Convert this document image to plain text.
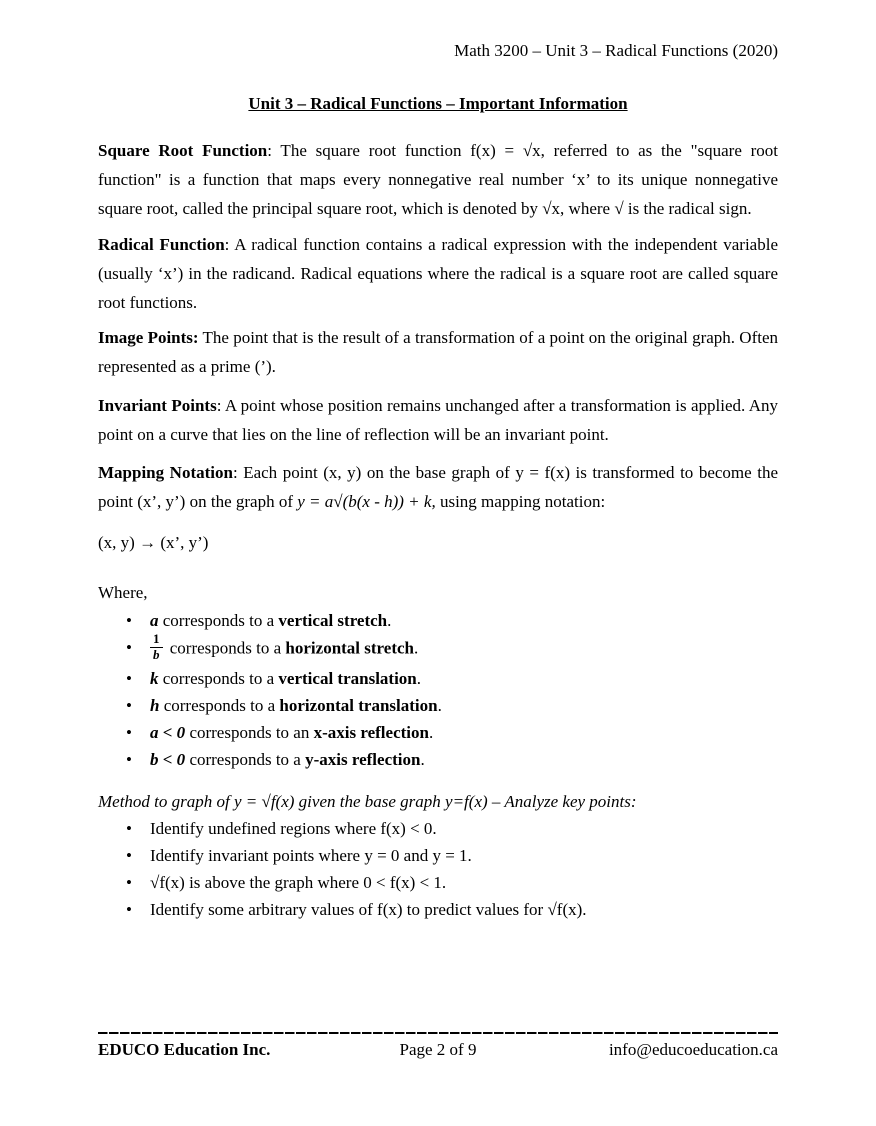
Math 3200 – Unit 3 – Radical Functions (2020)
Unit 3 – Radical Functions – Important Information

Square Root Function: The square root function f(x) = √x, referred to as the "square root function" is a function that maps every nonnegative real number ‘x’ to its unique nonnegative square root, called the principal square root, which is denoted by √x, where √ is the radical sign.

Radical Function: A radical function contains a radical expression with the independent variable (usually ‘x’) in the radicand. Radical equations where the radical is a square root are called square root functions.

Image Points: The point that is the result of a transformation of a point on the original graph. Often represented as a prime (’).

Invariant Points: A point whose position remains unchanged after a transformation is applied. Any point on a curve that lies on the line of reflection will be an invariant point.

Mapping Notation: Each point (x, y) on the base graph of y = f(x) is transformed to become the point (x’, y’) on the graph of y = a√(b(x - h)) + k, using mapping notation:

(x, y) → (x’, y’)

Where,

• a corresponds to a vertical stretch.
• $\frac{1}{b}$ corresponds to a horizontal stretch.
• k corresponds to a vertical translation.
• h corresponds to a horizontal translation.
• a < 0 corresponds to an x-axis reflection.
• b < 0 corresponds to a y-axis reflection.

Method to graph of y = √f(x) given the base graph y=f(x) – Analyze key points:

• Identify undefined regions where f(x) < 0.
• Identify invariant points where y = 0 and y = 1.
• √f(x) is above the graph where 0 < f(x) < 1.
• Identify some arbitrary values of f(x) to predict values for √f(x).
EDUCO Education Inc.	Page 2 of 9	info@educoeducation.ca
